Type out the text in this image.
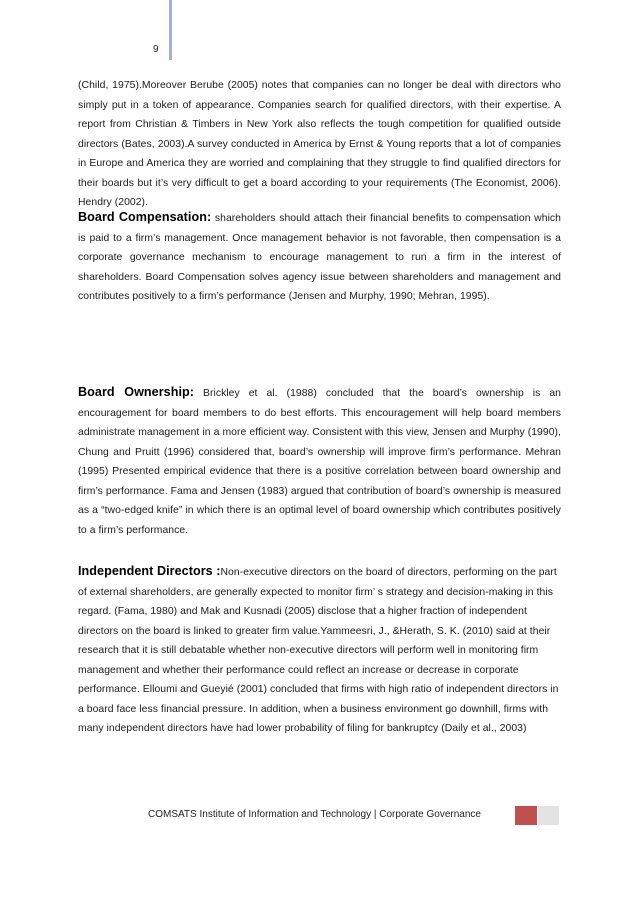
9

(Child, 1975).Moreover Berube (2005) notes that companies can no longer be deal with directors who simply put in a token of appearance. Companies search for qualified directors, with their expertise. A report from Christian & Timbers in New York also reflects the tough competition for qualified outside directors (Bates, 2003).A survey conducted in America by Ernst & Young reports that a lot of companies in Europe and America they are worried and complaining that they struggle to find qualified directors for their boards but it’s very difficult to get a board according to your requirements (The Economist, 2006). Hendry (2002).

Board Compensation: shareholders should attach their financial benefits to compensation which is paid to a firm’s management. Once management behavior is not favorable, then compensation is a corporate governance mechanism to encourage management to run a firm in the interest of shareholders. Board Compensation solves agency issue between shareholders and management and contributes positively to a firm’s performance (Jensen and Murphy, 1990; Mehran, 1995).

Board Ownership: Brickley et al. (1988) concluded that the board’s ownership is an encouragement for board members to do best efforts. This encouragement will help board members administrate management in a more efficient way. Consistent with this view, Jensen and Murphy (1990), Chung and Pruitt (1996) considered that, board’s ownership will improve firm’s performance. Mehran (1995) Presented empirical evidence that there is a positive correlation between board ownership and firm’s performance. Fama and Jensen (1983) argued that contribution of board’s ownership is measured as a “two-edged knife” in which there is an optimal level of board ownership which contributes positively to a firm’s performance.

Independent Directors :Non-executive directors on the board of directors, performing on the part of external shareholders, are generally expected to monitor firm’ s strategy and decision-making in this regard. (Fama, 1980) and Mak and Kusnadi (2005) disclose that a higher fraction of independent directors on the board is linked to greater firm value.Yammeesri, J., &Herath, S. K. (2010) said at their research that it is still debatable whether non-executive directors will perform well in monitoring firm management and whether their performance could reflect an increase or decrease in corporate performance. Elloumi and Gueyié (2001) concluded that firms with high ratio of independent directors in a board face less financial pressure. In addition, when a business environment go downhill, firms with many independent directors have had lower probability of filing for bankruptcy (Daily et al., 2003)

COMSATS Institute of Information and Technology | Corporate Governance
